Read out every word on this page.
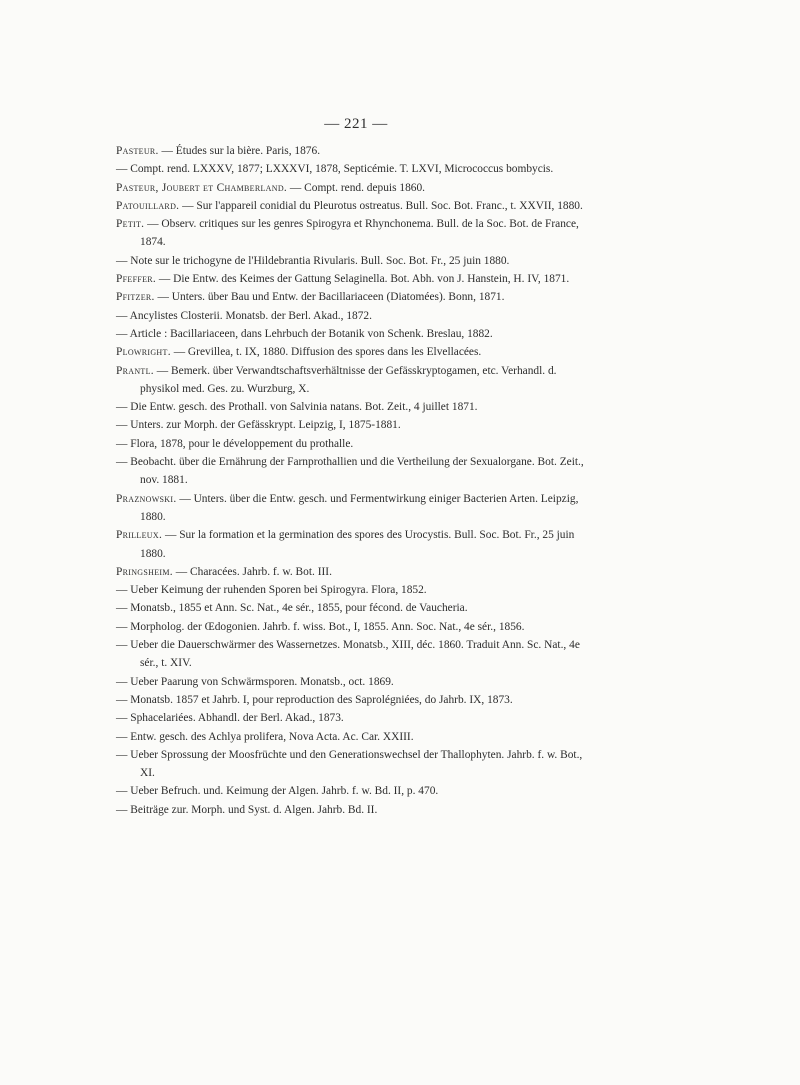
— 221 —

Pasteur. — Études sur la bière. Paris, 1876.

— Compt. rend. LXXXV, 1877; LXXXVI, 1878, Septicémie. T. LXVI, Micrococcus bombycis.

Pasteur, Joubert et Chamberland. — Compt. rend. depuis 1860.

Patouillard. — Sur l'appareil conidial du Pleurotus ostreatus. Bull. Soc. Bot. Franc., t. XXVII, 1880.

Petit. — Observ. critiques sur les genres Spirogyra et Rhynchonema. Bull. de la Soc. Bot. de France, 1874.

— Note sur le trichogyne de l'Hildebrantia Rivularis. Bull. Soc. Bot. Fr., 25 juin 1880.

Pfeffer. — Die Entw. des Keimes der Gattung Selaginella. Bot. Abh. von J. Hanstein, H. IV, 1871.

Pfitzer. — Unters. über Bau und Entw. der Bacillariaceen (Diatomées). Bonn, 1871.

— Ancylistes Closterii. Monatsb. der Berl. Akad., 1872.

— Article : Bacillariaceen, dans Lehrbuch der Botanik von Schenk. Breslau, 1882.

Plowright. — Grevillea, t. IX, 1880. Diffusion des spores dans les Elvellacées.

Prantl. — Bemerk. über Verwandtschaftsverhältnisse der Gefässkryptogamen, etc. Verhandl. d. physikol med. Ges. zu. Wurzburg, X.

— Die Entw. gesch. des Prothall. von Salvinia natans. Bot. Zeit., 4 juillet 1871.

— Unters. zur Morph. der Gefässkrypt. Leipzig, I, 1875-1881.

— Flora, 1878, pour le développement du prothalle.

— Beobacht. über die Ernährung der Farnprothallien und die Vertheilung der Sexualorgane. Bot. Zeit., nov. 1881.

Praznowski. — Unters. über die Entw. gesch. und Fermentwirkung einiger Bacterien Arten. Leipzig, 1880.

Prilleux. — Sur la formation et la germination des spores des Urocystis. Bull. Soc. Bot. Fr., 25 juin 1880.

Pringsheim. — Characées. Jahrb. f. w. Bot. III.

— Ueber Keimung der ruhenden Sporen bei Spirogyra. Flora, 1852.

— Monatsb., 1855 et Ann. Sc. Nat., 4e sér., 1855, pour fécond. de Vaucheria.

— Morpholog. der Œdogonien. Jahrb. f. wiss. Bot., I, 1855. Ann. Soc. Nat., 4e sér., 1856.

— Ueber die Dauerschwärmer des Wassernetzes. Monatsb., XIII, déc. 1860. Traduit Ann. Sc. Nat., 4e sér., t. XIV.

— Ueber Paarung von Schwärmsporen. Monatsb., oct. 1869.

— Monatsb. 1857 et Jahrb. I, pour reproduction des Saprolégniées, do Jahrb. IX, 1873.

— Sphacelariées. Abhandl. der Berl. Akad., 1873.

— Entw. gesch. des Achlya prolifera, Nova Acta. Ac. Car. XXIII.

— Ueber Sprossung der Moosfrüchte und den Generationswechsel der Thallophyten. Jahrb. f. w. Bot., XI.

— Ueber Befruch. und. Keimung der Algen. Jahrb. f. w. Bd. II, p. 470.

— Beiträge zur. Morph. und Syst. d. Algen. Jahrb. Bd. II.
